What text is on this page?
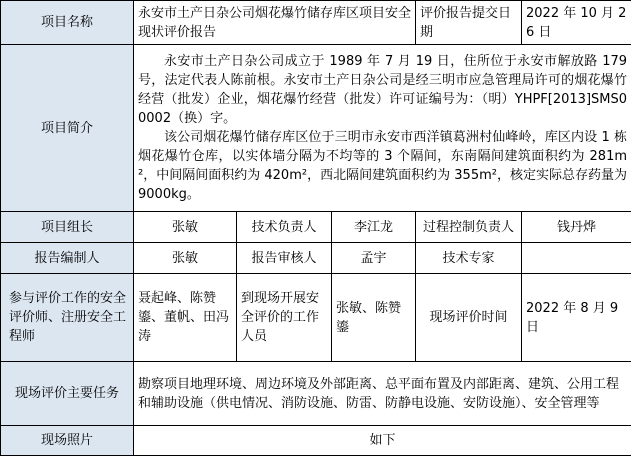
项目名称	永安市土产日杂公司烟花爆竹储存库区项目安全现状评价报告			评价报告提交日期	2022 年 10 月 26 日
项目简介	永安市土产日杂公司成立于 1989 年 7 月 19 日，住所位于永安市解放路 179 号，法定代表人陈前根。永安市土产日杂公司是经三明市应急管理局许可的烟花爆竹经营（批发）企业，烟花爆竹经营（批发）许可证编号为：（明）YHPF[2013]SMS00002（换）字。

该公司烟花爆竹储存库区位于三明市永安市西洋镇葛洲村仙峰岭，库区内设 1 栋烟花爆竹仓库，以实体墙分隔为不均等的 3 个隔间，东南隔间建筑面积约为 281m²，中间隔间面积约为 420m²，西北隔间建筑面积约为 355m²，核定实际总存药量为 9000kg。				

项目组长	张敏	技术负责人	李江龙	过程控制负责人	钱丹烨
报告编制人	张敏	报告审核人	孟宇	技术专家	
参与评价工作的安全评价师、注册安全工程师	聂起峰、陈赞鎏、董帆、田冯涛	到现场开展安全评价的工作人员	张敏、陈赞鎏	现场评价时间	2022 年 8 月 9 日
现场评价主要任务	勘察项目地理环境、周边环境及外部距离、总平面布置及内部距离、建筑、公用工程和辅助设施（供电情况、消防设施、防雷、防静电设施、安防设施）、安全管理等				
现场照片	如下				
